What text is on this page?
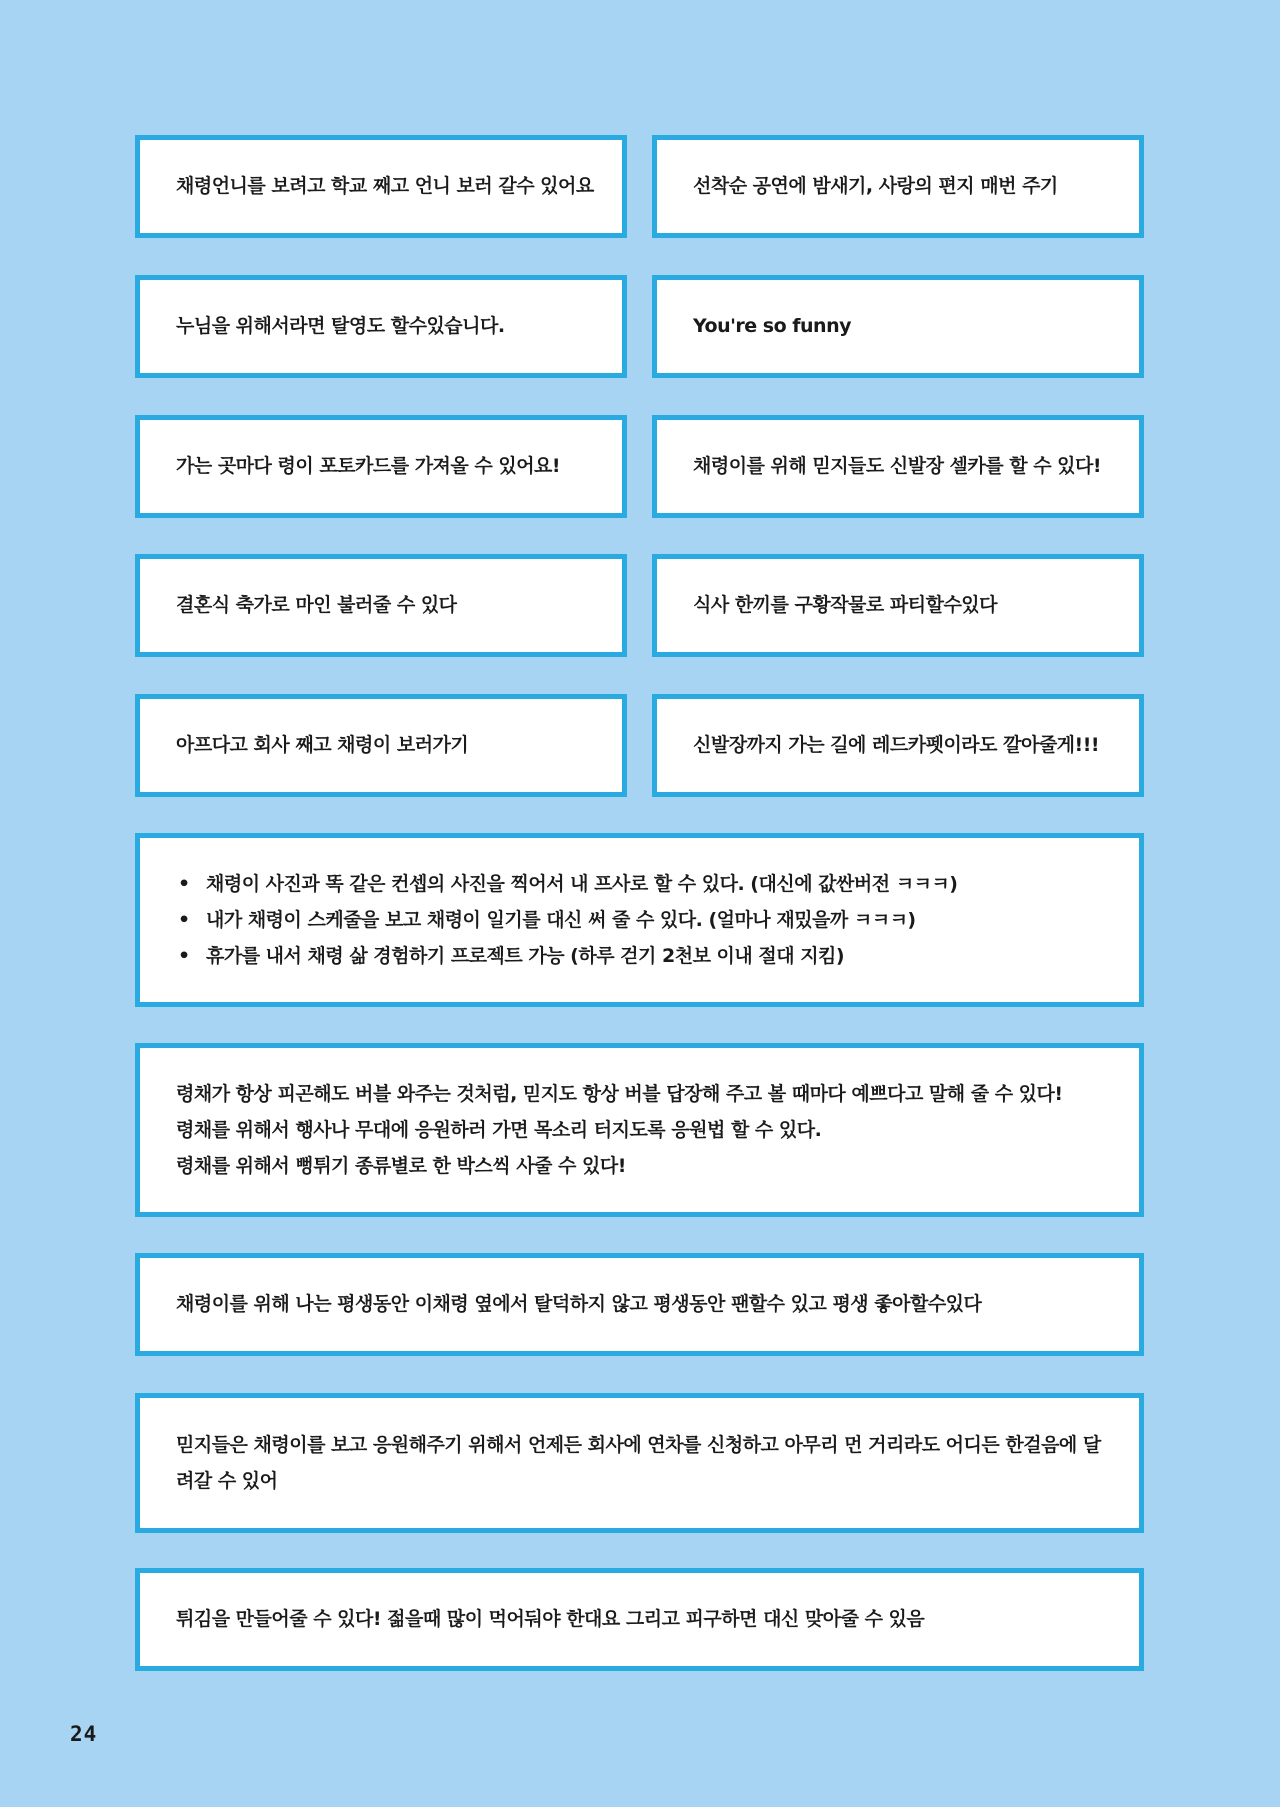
채령언니를 보려고 학교 째고 언니 보러 갈수 있어요	선착순 공연에 밤새기, 사랑의 편지 매번 주기
누님을 위해서라면 탈영도 할수있습니다.	You're so funny
가는 곳마다 령이 포토카드를 가져올 수 있어요!	채령이를 위해 믿지들도 신발장 셀카를 할 수 있다!
결혼식 축가로 마인 불러줄 수 있다	식사 한끼를 구황작물로 파티할수있다
아프다고 회사 째고 채령이 보러가기	신발장까지 가는 길에 레드카펫이라도 깔아줄게!!!
• 채령이 사진과 똑 같은 컨셉의 사진을 찍어서 내 프사로 할 수 있다. (대신에 값싼버전 ㅋㅋㅋ)
• 내가 채령이 스케줄을 보고 채령이 일기를 대신 써 줄 수 있다. (얼마나 재밌을까 ㅋㅋㅋ)
• 휴가를 내서 채령 삶 경험하기 프로젝트 가능 (하루 걷기 2천보 이내 절대 지킴)
령채가 항상 피곤해도 버블 와주는 것처럼, 믿지도 항상 버블 답장해 주고 볼 때마다 예쁘다고 말해 줄 수 있다!
령채를 위해서 행사나 무대에 응원하러 가면 목소리 터지도록 응원법 할 수 있다.
령채를 위해서 뻥튀기 종류별로 한 박스씩 사줄 수 있다!
채령이를 위해 나는 평생동안 이채령 옆에서 탈덕하지 않고 평생동안 팬할수 있고 평생 좋아할수있다
믿지들은 채령이를 보고 응원해주기 위해서 언제든 회사에 연차를 신청하고 아무리 먼 거리라도 어디든 한걸음에 달려갈 수 있어
튀김을 만들어줄 수 있다! 젊을때 많이 먹어둬야 한대요 그리고 피구하면 대신 맞아줄 수 있음
24
